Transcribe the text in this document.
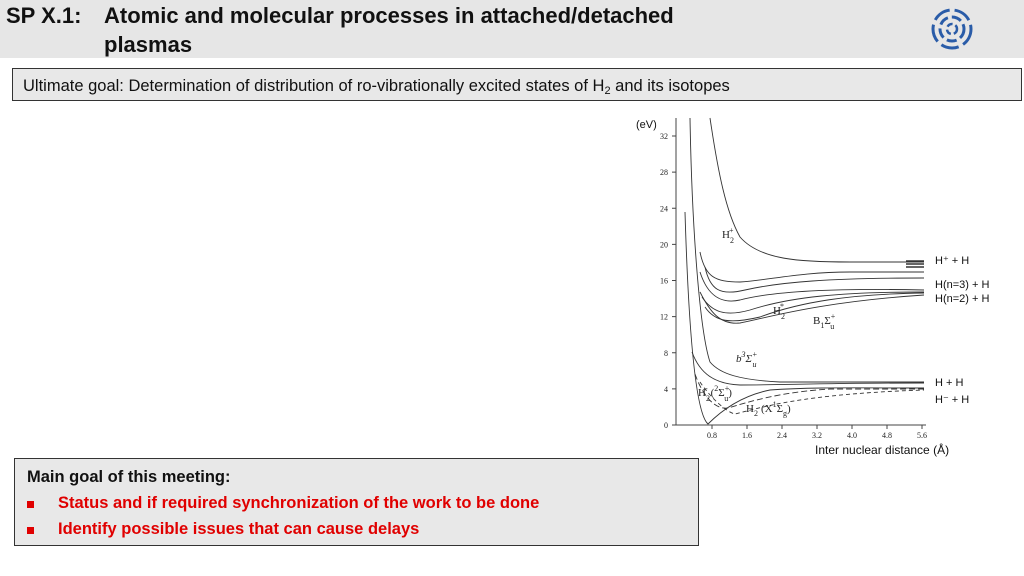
SP X.1: Atomic and molecular processes in attached/detached
plasmas
Ultimate goal: Determination of distribution of ro-vibrationally excited states of $H_2$ and its isotopes
(eV)
32
28
24
20
16
12
8
4
0
0.8	1.6	2.4	3.2	4.0	4.8	5.6
Inter nuclear distance (Å)
$H_2+$
$H_2*$
$B_1\Sigma^+$ u
$b^3\Sigma^+$ u
$H_2-$ ($^2$Σ+ u)
$H_2$ $(X^1\Sigma_g)$
H⁺ + H
H(n=3) + H
H(n=2) + H
H + H
H⁻ + H
Main goal of this meeting:
Status and if required synchronization of the work to be done
Identify possible issues that can cause delays
